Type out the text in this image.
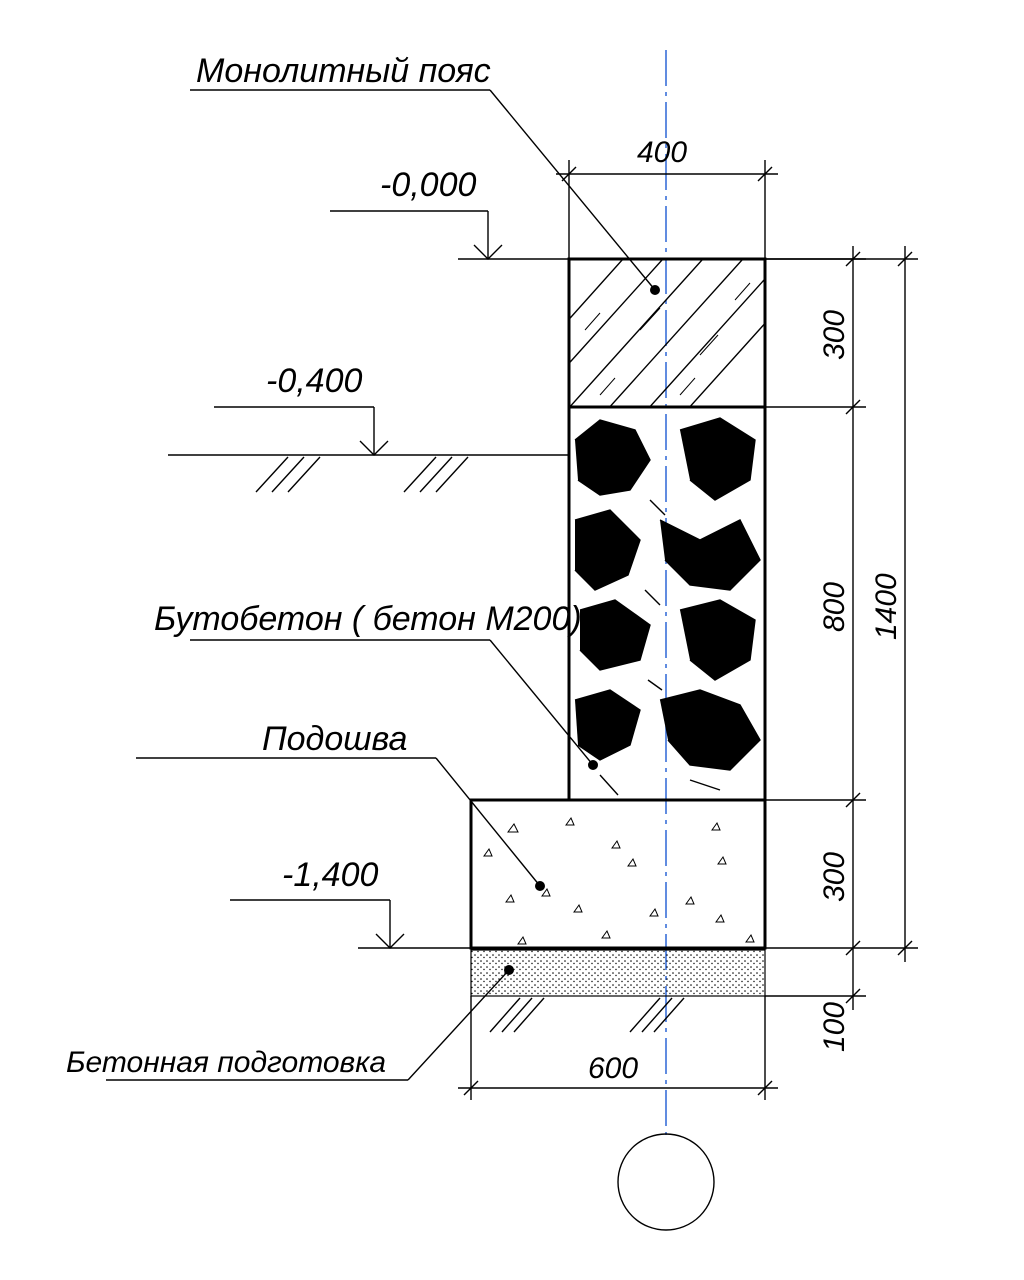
-0,000
-0,400
-1,400
Монолитный пояс
Бутобетон ( бетон М200)
Подошва
Бетонная подготовка
400
600
300
800
300
100
1400
